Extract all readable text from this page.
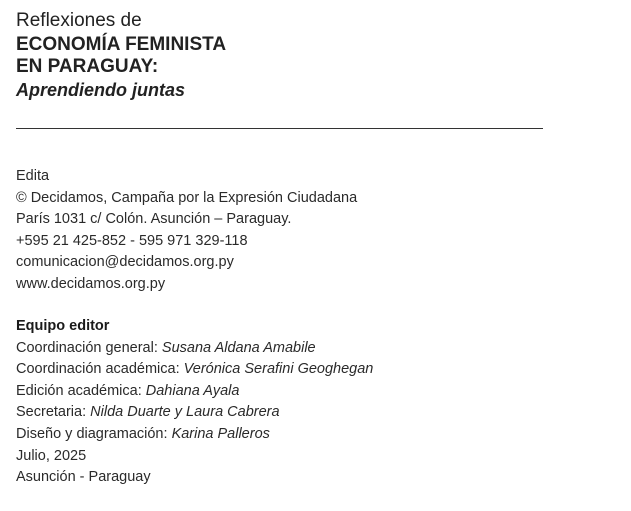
Reflexiones de
ECONOMÍA FEMINISTA
EN PARAGUAY:
Aprendiendo juntas
Edita
© Decidamos, Campaña por la Expresión Ciudadana
París 1031 c/ Colón. Asunción – Paraguay.
+595 21 425-852 - 595 971 329-118
comunicacion@decidamos.org.py
www.decidamos.org.py
Equipo editor
Coordinación general: Susana Aldana Amabile
Coordinación académica: Verónica Serafini Geoghegan
Edición académica: Dahiana Ayala
Secretaria: Nilda Duarte y Laura Cabrera
Diseño y diagramación: Karina Palleros
Julio, 2025
Asunción - Paraguay
